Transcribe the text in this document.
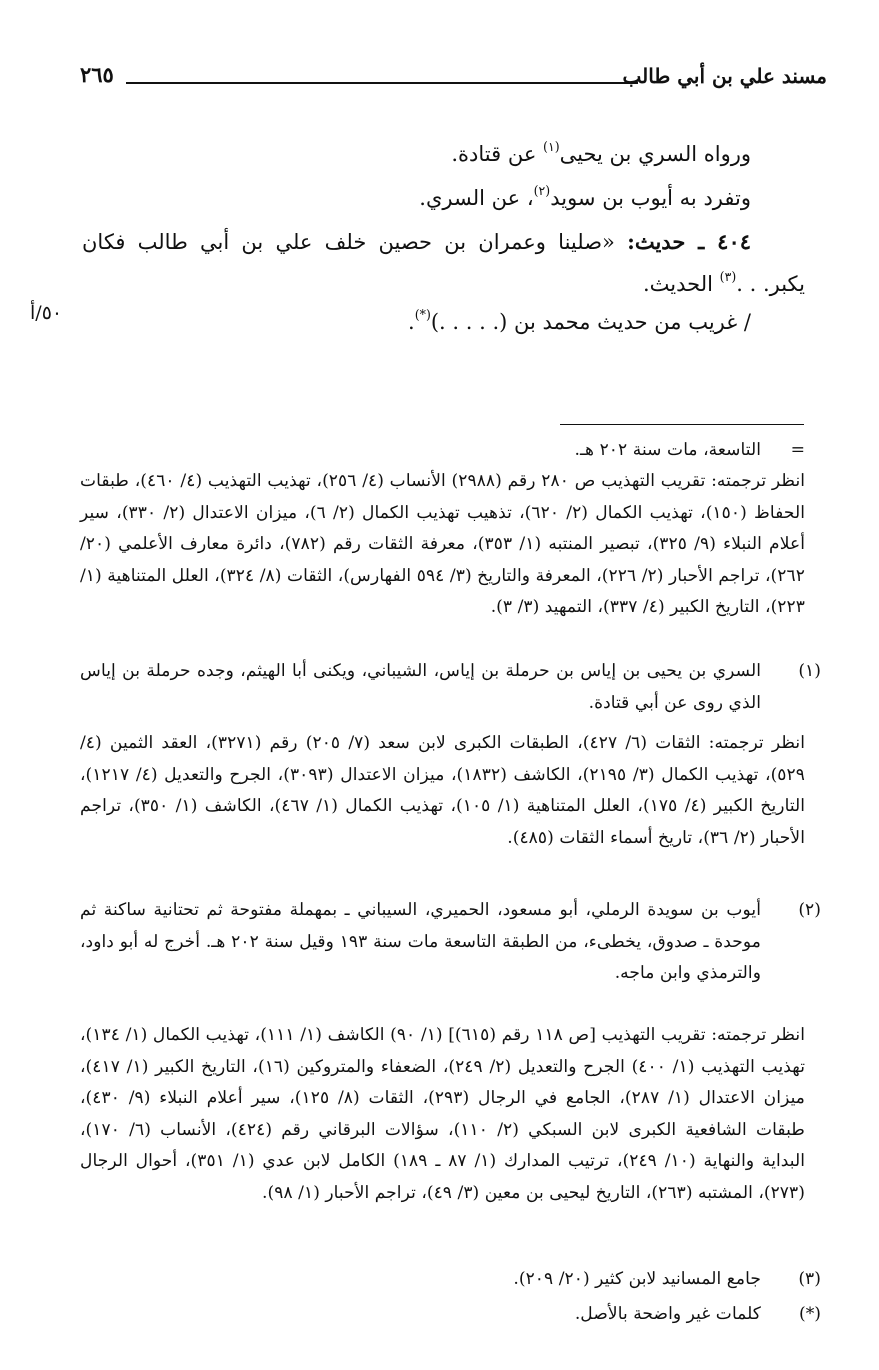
مسند علي بن أبي طالب
٢٦٥
ورواه السري بن يحيى$^{(١)}$ عن قتادة.
وتفرد به أيوب بن سويد$^{(٢)}$، عن السري.
٤٠٤ ـ حديث: «صلينا وعمران بن حصين خلف علي بن أبي طالب فكان
يكبر. . .$^{(٣)}$ الحديث.
/ غريب من حديث محمد بن (. . . . .)(*).
٥٠/أ
=
التاسعة، مات سنة ٢٠٢ هـ.
انظر ترجمته: تقريب التهذيب ص ٢٨٠ رقم (٢٩٨٨) الأنساب (٤/ ٢٥٦)، تهذيب التهذيب (٤/ ٤٦٠)، طبقات الحفاظ (١٥٠)، تهذيب الكمال (٢/ ٦٢٠)، تذهيب تهذيب الكمال (٢/ ٦)، ميزان الاعتدال (٢/ ٣٣٠)، سير أعلام النبلاء (٩/ ٣٢٥)، تبصير المنتبه (١/ ٣٥٣)، معرفة الثقات رقم (٧٨٢)، دائرة معارف الأعلمي (٢٠/ ٢٦٢)، تراجم الأحبار (٢/ ٢٢٦)، المعرفة والتاريخ (٣/ ٥٩٤ الفهارس)، الثقات (٨/ ٣٢٤)، العلل المتناهية (١/ ٢٢٣)، التاريخ الكبير (٤/ ٣٣٧)، التمهيد (٣/ ٣).
(١)
السري بن يحيى بن إياس بن حرملة بن إياس، الشيباني، ويكنى أبا الهيثم، وجده حرملة بن إياس الذي روى عن أبي قتادة.
انظر ترجمته: الثقات (٦/ ٤٢٧)، الطبقات الكبرى لابن سعد (٧/ ٢٠٥) رقم (٣٢٧١)، العقد الثمين (٤/ ٥٢٩)، تهذيب الكمال (٣/ ٢١٩٥)، الكاشف (١٨٣٢)، ميزان الاعتدال (٣٠٩٣)، الجرح والتعديل (٤/ ١٢١٧)، التاريخ الكبير (٤/ ١٧٥)، العلل المتناهية (١/ ١٠٥)، تهذيب الكمال (١/ ٤٦٧)، الكاشف (١/ ٣٥٠)، تراجم الأحبار (٢/ ٣٦)، تاريخ أسماء الثقات (٤٨٥).
(٢)
أيوب بن سويدة الرملي، أبو مسعود، الحميري، السيباني ـ بمهملة مفتوحة ثم تحتانية ساكنة ثم موحدة ـ صدوق، يخطىء، من الطبقة التاسعة مات سنة ١٩٣ وقيل سنة ٢٠٢ هـ. أخرج له أبو داود، والترمذي وابن ماجه.
انظر ترجمته: تقريب التهذيب [ص ١١٨ رقم (٦١٥)] (١/ ٩٠) الكاشف (١/ ١١١)، تهذيب الكمال (١/ ١٣٤)، تهذيب التهذيب (١/ ٤٠٠) الجرح والتعديل (٢/ ٢٤٩)، الضعفاء والمتروكين (١٦)، التاريخ الكبير (١/ ٤١٧)، ميزان الاعتدال (١/ ٢٨٧)، الجامع في الرجال (٢٩٣)، الثقات (٨/ ١٢٥)، سير أعلام النبلاء (٩/ ٤٣٠)، طبقات الشافعية الكبرى لابن السبكي (٢/ ١١٠)، سؤالات البرقاني رقم (٤٢٤)، الأنساب (٦/ ١٧٠)، البداية والنهاية (١٠/ ٢٤٩)، ترتيب المدارك (١/ ٨٧ ـ ١٨٩) الكامل لابن عدي (١/ ٣٥١)، أحوال الرجال (٢٧٣)، المشتبه (٢٦٣)، التاريخ ليحيى بن معين (٣/ ٤٩)، تراجم الأحبار (١/ ٩٨).
(٣)
جامع المسانيد لابن كثير (٢٠/ ٢٠٩).
(*)
كلمات غير واضحة بالأصل.
